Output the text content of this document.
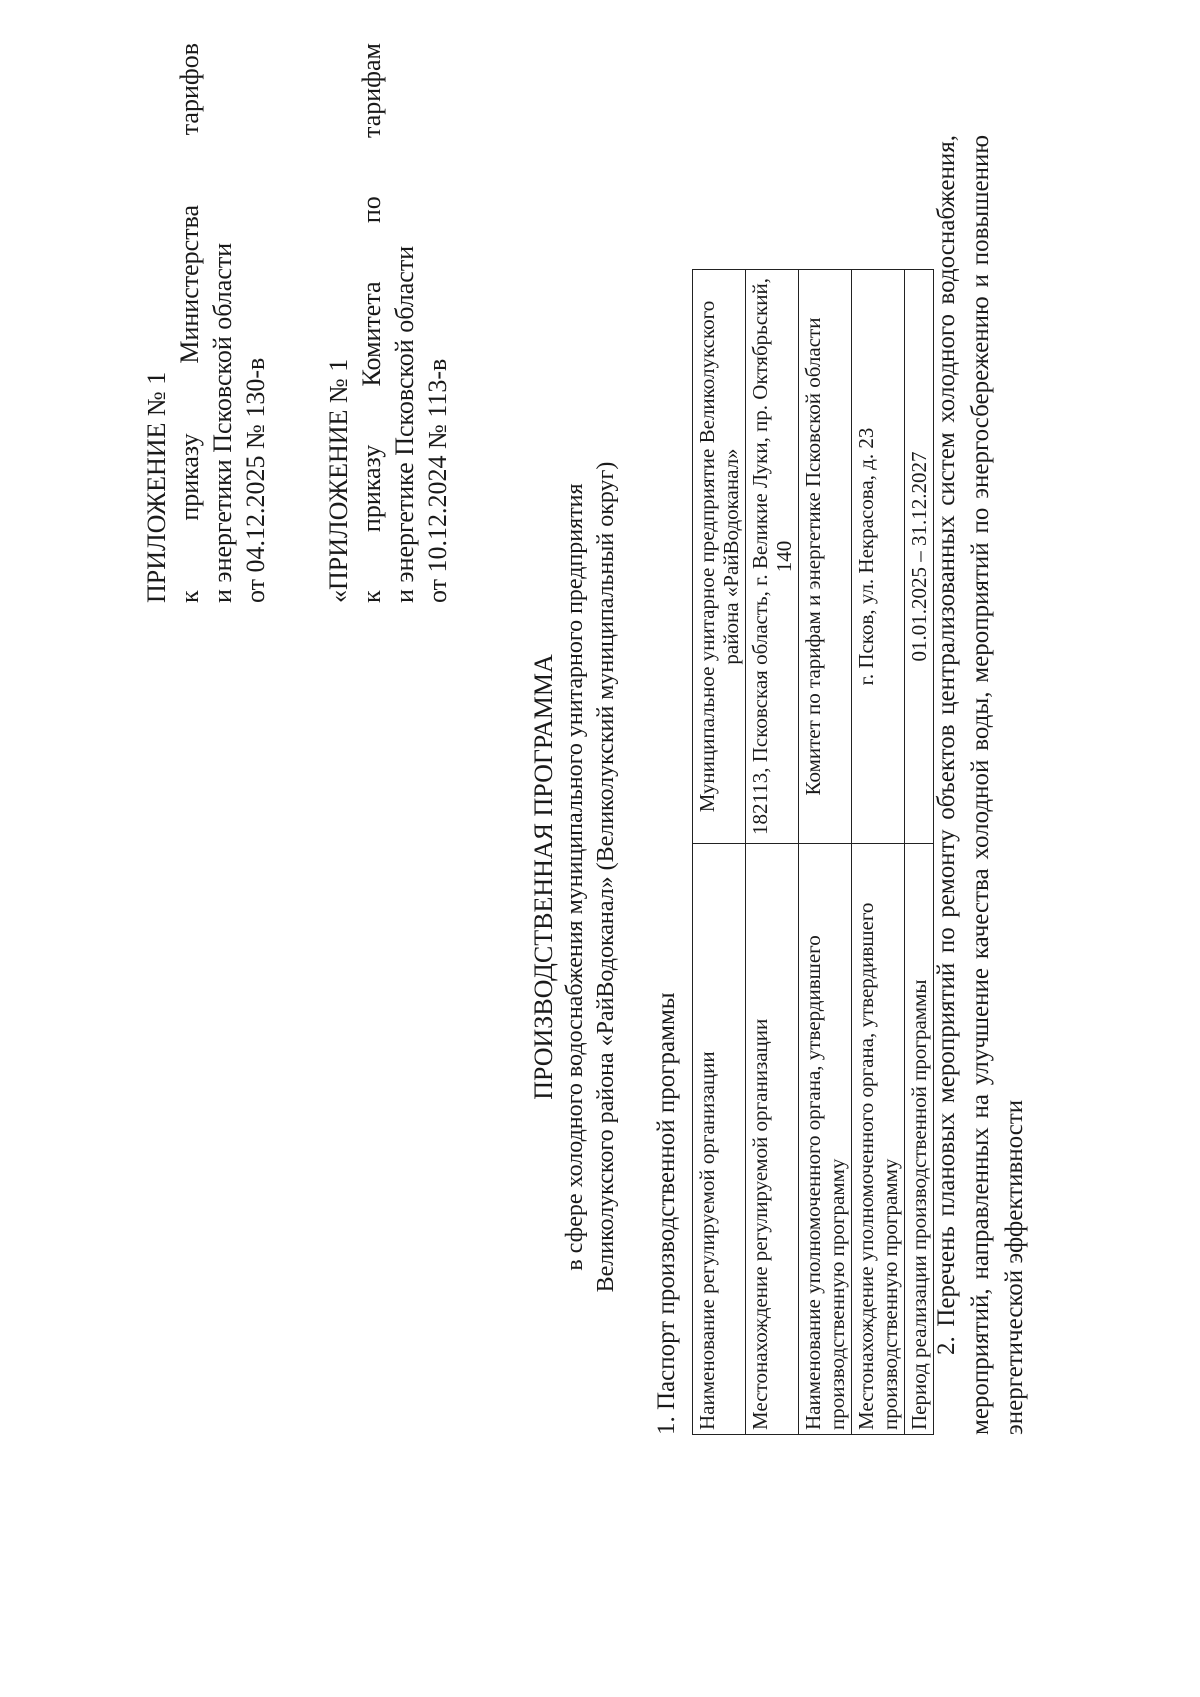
ПРИЛОЖЕНИЕ № 1 к
приказу
Министерства
тарифов
и энергетики Псковской области от 04.12.2025 № 130-в «ПРИЛОЖЕНИЕ № 1 к
приказу
Комитета
по
тарифам
и энергетике Псковской области от 10.12.2024 № 113-в
ПРОИЗВОДСТВЕННАЯ ПРОГРАММА в сфере холодного водоснабжения муниципального унитарного предприятия Великолукского района «РайВодоканал» (Великолукский муниципальный округ) 1. Паспорт производственной программы Наименование регулируемой организации	Муниципальное унитарное предприятие Великолукского района «РайВодоканал»
Местонахождение регулируемой организации	182113, Псковская область, г. Великие Луки, пр. Октябрьский, 140
Наименование уполномоченного органа, утвердившего производственную программу	Комитет по тарифам и энергетике Псковской области
Местонахождение уполномоченного органа, утвердившего производственную программу	г. Псков, ул. Некрасова, д. 23
Период реализации производственной программы	01.01.2025 – 31.12.2027 2. Перечень плановых мероприятий по ремонту объектов централизованных систем холодного водоснабжения, мероприятий, направленных на улучшение качества холодной воды, мероприятий по энергосбережению и повышению энергетической эффективности
